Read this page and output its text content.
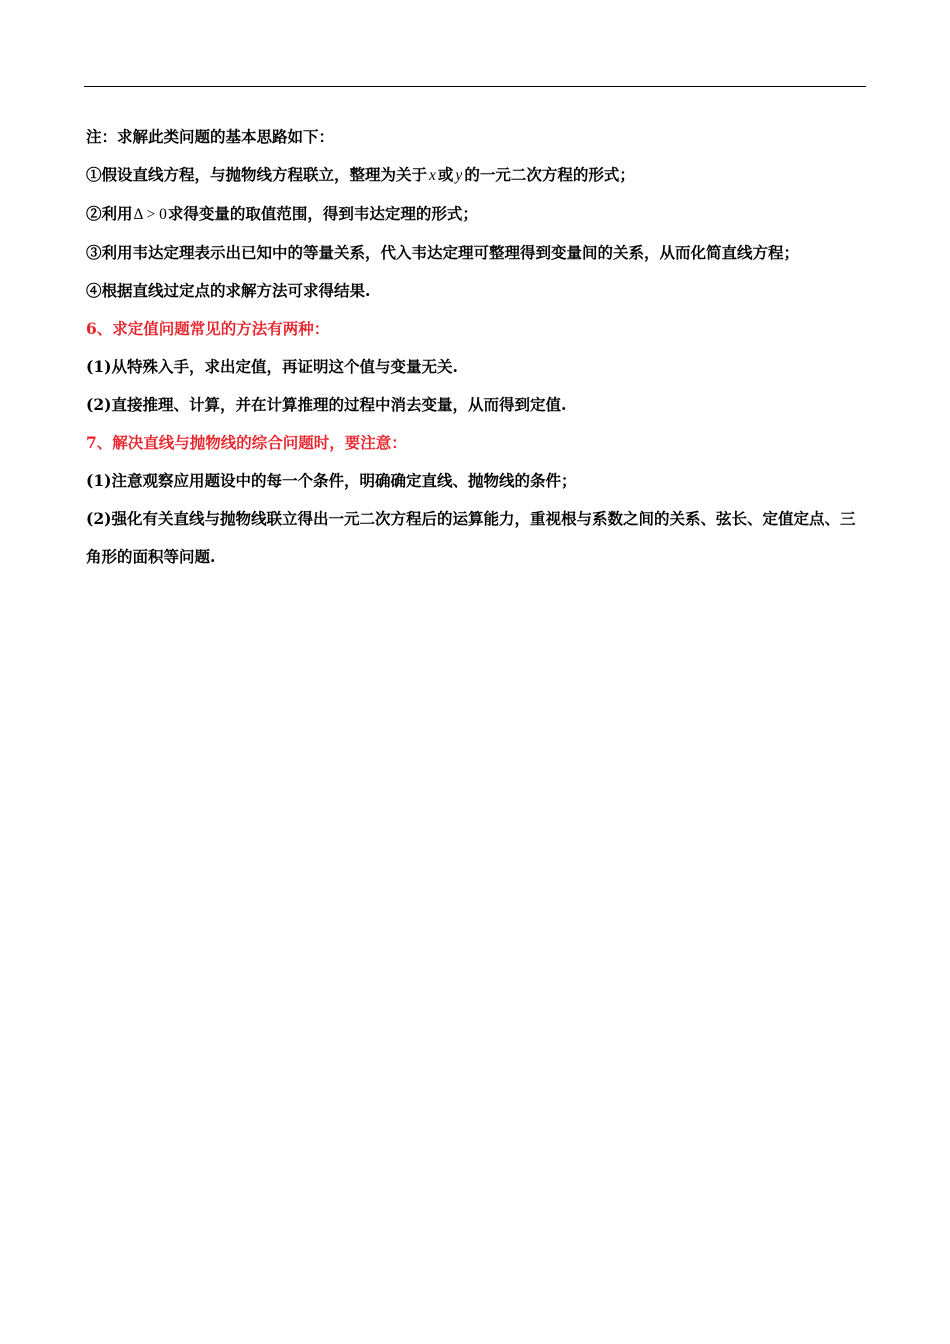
注：求解此类问题的基本思路如下：
①假设直线方程，与抛物线方程联立，整理为关于 x 或 y 的一元二次方程的形式；
②利用Δ > 0求得变量的取值范围，得到韦达定理的形式；
③利用韦达定理表示出已知中的等量关系，代入韦达定理可整理得到变量间的关系，从而化简直线方程；
④根据直线过定点的求解方法可求得结果.
6、求定值问题常见的方法有两种：
(1)从特殊入手，求出定值，再证明这个值与变量无关.
(2)直接推理、计算，并在计算推理的过程中消去变量，从而得到定值.
7、解决直线与抛物线的综合问题时，要注意：
(1)注意观察应用题设中的每一个条件，明确确定直线、抛物线的条件；
(2)强化有关直线与抛物线联立得出一元二次方程后的运算能力，重视根与系数之间的关系、弦长、定值定点、三角形的面积等问题.
